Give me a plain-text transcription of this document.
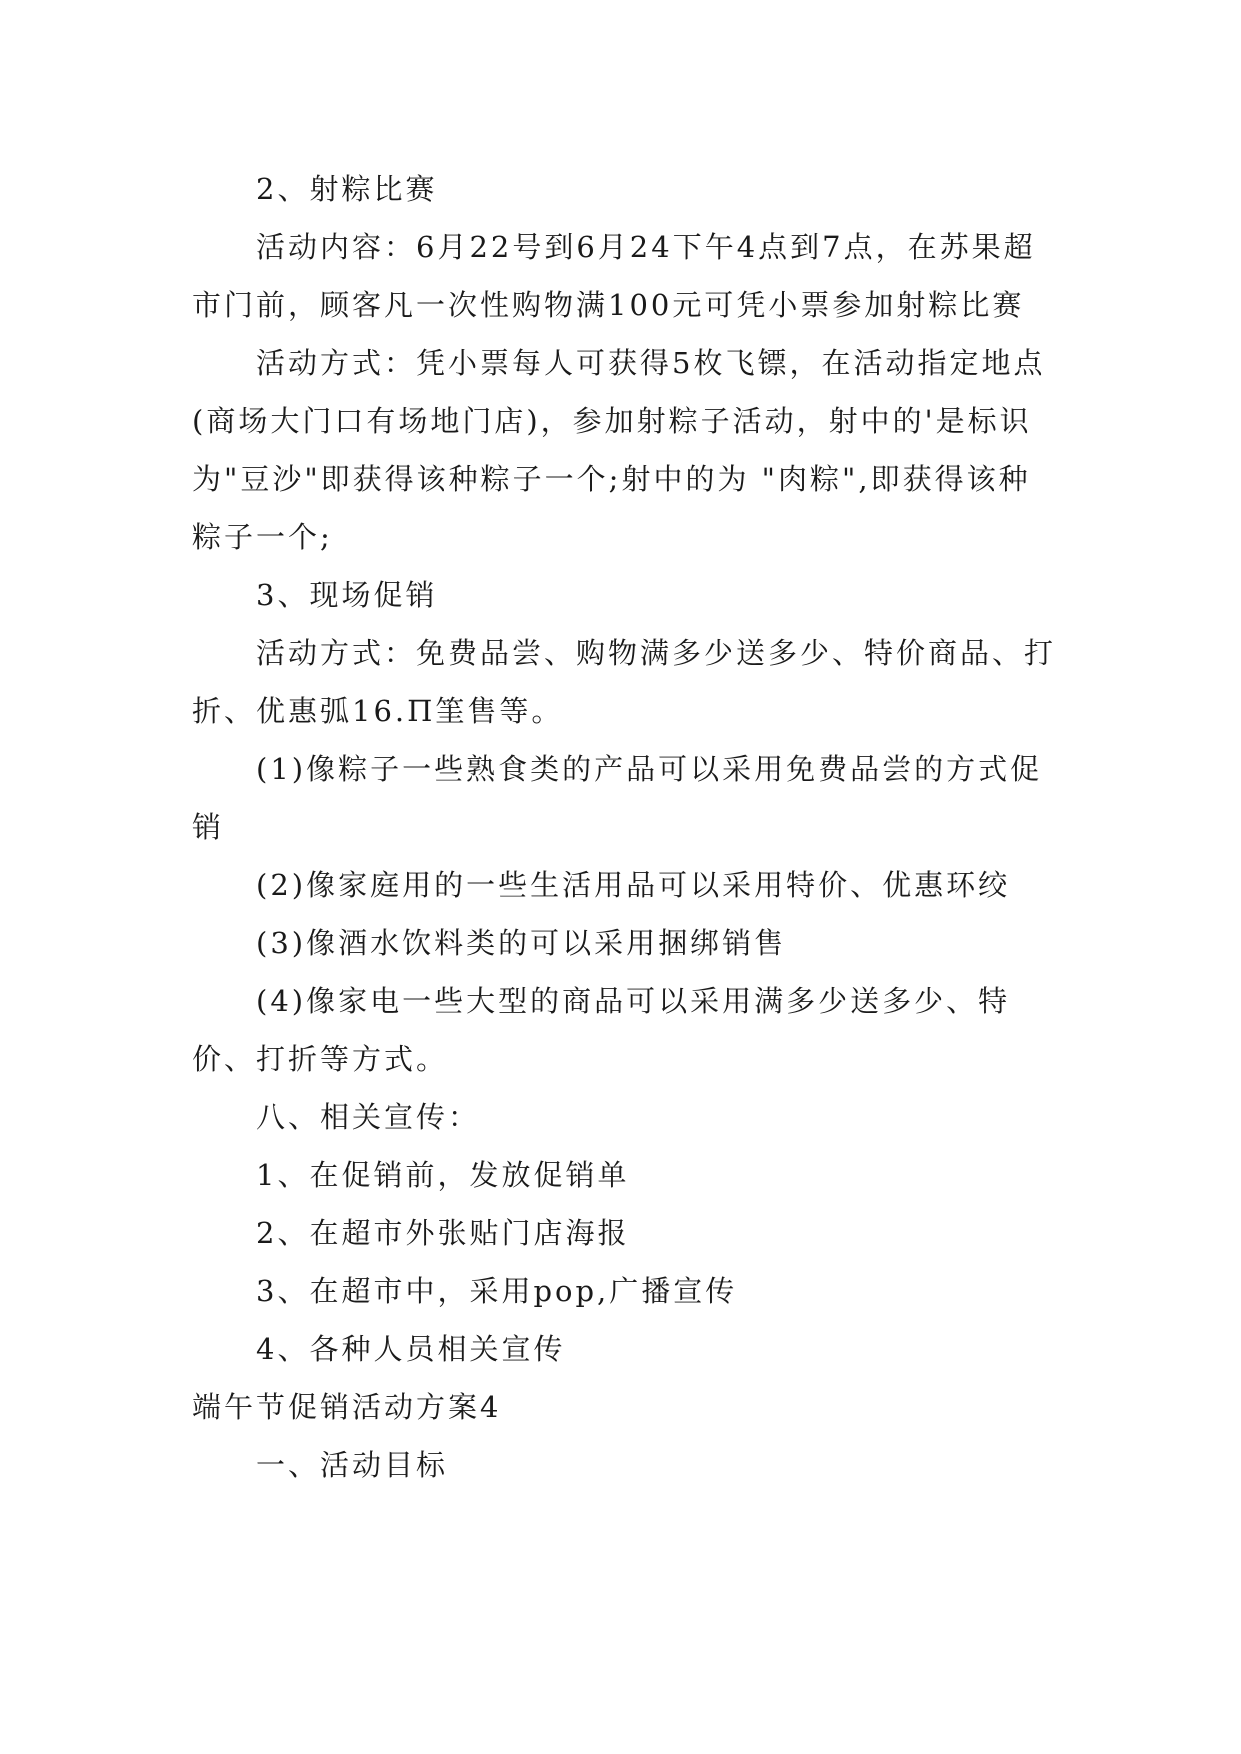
2、射粽比赛

活动内容：6月22号到6月24下午4点到7点，在苏果超市门前，顾客凡一次性购物满100元可凭小票参加射粽比赛

活动方式：凭小票每人可获得5枚飞镖，在活动指定地点(商场大门口有场地门店)，参加射粽子活动，射中的'是标识为"豆沙"即获得该种粽子一个;射中的为 "肉粽",即获得该种粽子一个;

3、现场促销

活动方式：免费品尝、购物满多少送多少、特价商品、打折、优惠弧16.Π筀售等。

(1)像粽子一些熟食类的产品可以采用免费品尝的方式促销

(2)像家庭用的一些生活用品可以采用特价、优惠环绞

(3)像酒水饮料类的可以采用捆绑销售

(4)像家电一些大型的商品可以采用满多少送多少、特价、打折等方式。

八、相关宣传：

1、在促销前，发放促销单

2、在超市外张贴门店海报

3、在超市中，采用pop,广播宣传

4、各种人员相关宣传

端午节促销活动方案4

一、活动目标
